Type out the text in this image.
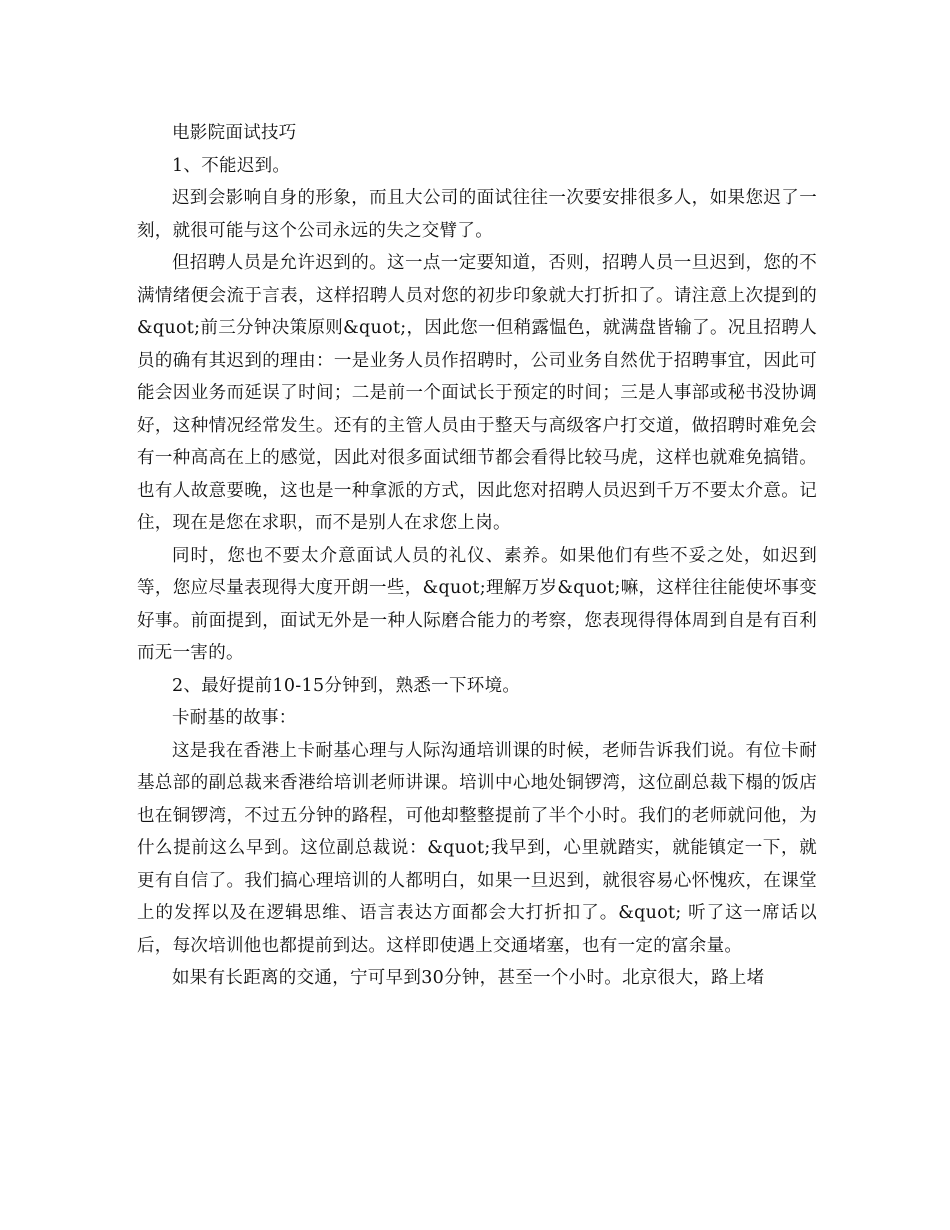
电影院面试技巧

1、不能迟到。

迟到会影响自身的形象，而且大公司的面试往往一次要安排很多人，如果您迟了一刻，就很可能与这个公司永远的失之交臂了。

但招聘人员是允许迟到的。这一点一定要知道，否则，招聘人员一旦迟到，您的不满情绪便会流于言表，这样招聘人员对您的初步印象就大打折扣了。请注意上次提到的&quot;前三分钟决策原则&quot;，因此您一但稍露愠色，就满盘皆输了。况且招聘人员的确有其迟到的理由：一是业务人员作招聘时，公司业务自然优于招聘事宜，因此可能会因业务而延误了时间；二是前一个面试长于预定的时间；三是人事部或秘书没协调好，这种情况经常发生。还有的主管人员由于整天与高级客户打交道，做招聘时难免会有一种高高在上的感觉，因此对很多面试细节都会看得比较马虎，这样也就难免搞错。也有人故意要晚，这也是一种拿派的方式，因此您对招聘人员迟到千万不要太介意。记住，现在是您在求职，而不是别人在求您上岗。

同时，您也不要太介意面试人员的礼仪、素养。如果他们有些不妥之处，如迟到等，您应尽量表现得大度开朗一些，&quot;理解万岁&quot;嘛，这样往往能使坏事变好事。前面提到，面试无外是一种人际磨合能力的考察，您表现得得体周到自是有百利而无一害的。

2、最好提前10-15分钟到，熟悉一下环境。

卡耐基的故事：

这是我在香港上卡耐基心理与人际沟通培训课的时候，老师告诉我们说。有位卡耐基总部的副总裁来香港给培训老师讲课。培训中心地处铜锣湾，这位副总裁下榻的饭店也在铜锣湾，不过五分钟的路程，可他却整整提前了半个小时。我们的老师就问他，为什么提前这么早到。这位副总裁说：&quot;我早到，心里就踏实，就能镇定一下，就更有自信了。我们搞心理培训的人都明白，如果一旦迟到，就很容易心怀愧疚，在课堂上的发挥以及在逻辑思维、语言表达方面都会大打折扣了。&quot; 听了这一席话以后，每次培训他也都提前到达。这样即使遇上交通堵塞，也有一定的富余量。

如果有长距离的交通，宁可早到30分钟，甚至一个小时。北京很大，路上堵
